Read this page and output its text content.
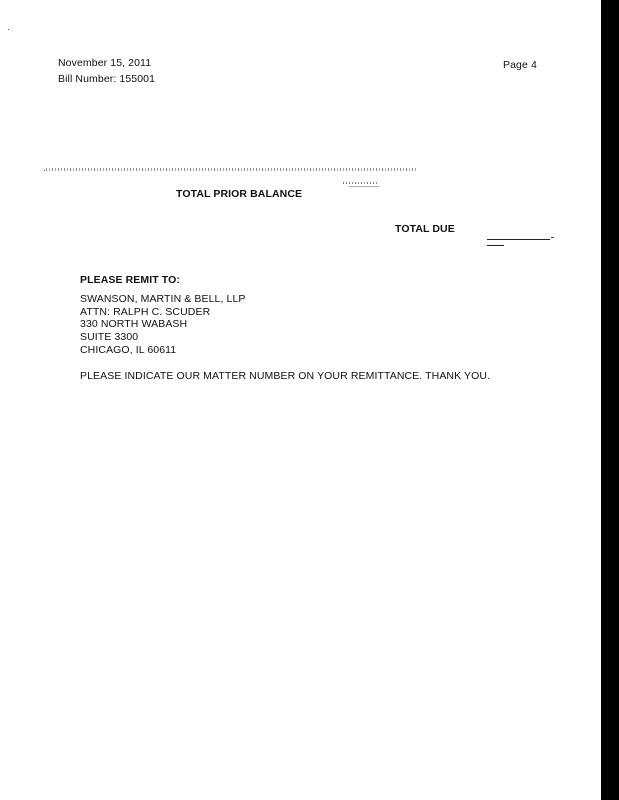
November 15, 2011
Bill Number: 155001
Page 4
TOTAL PRIOR BALANCE
TOTAL DUE
PLEASE REMIT TO:
SWANSON, MARTIN & BELL, LLP
ATTN: RALPH C. SCUDER
330 NORTH WABASH
SUITE 3300
CHICAGO, IL 60611
PLEASE INDICATE OUR MATTER NUMBER ON YOUR REMITTANCE. THANK YOU.
